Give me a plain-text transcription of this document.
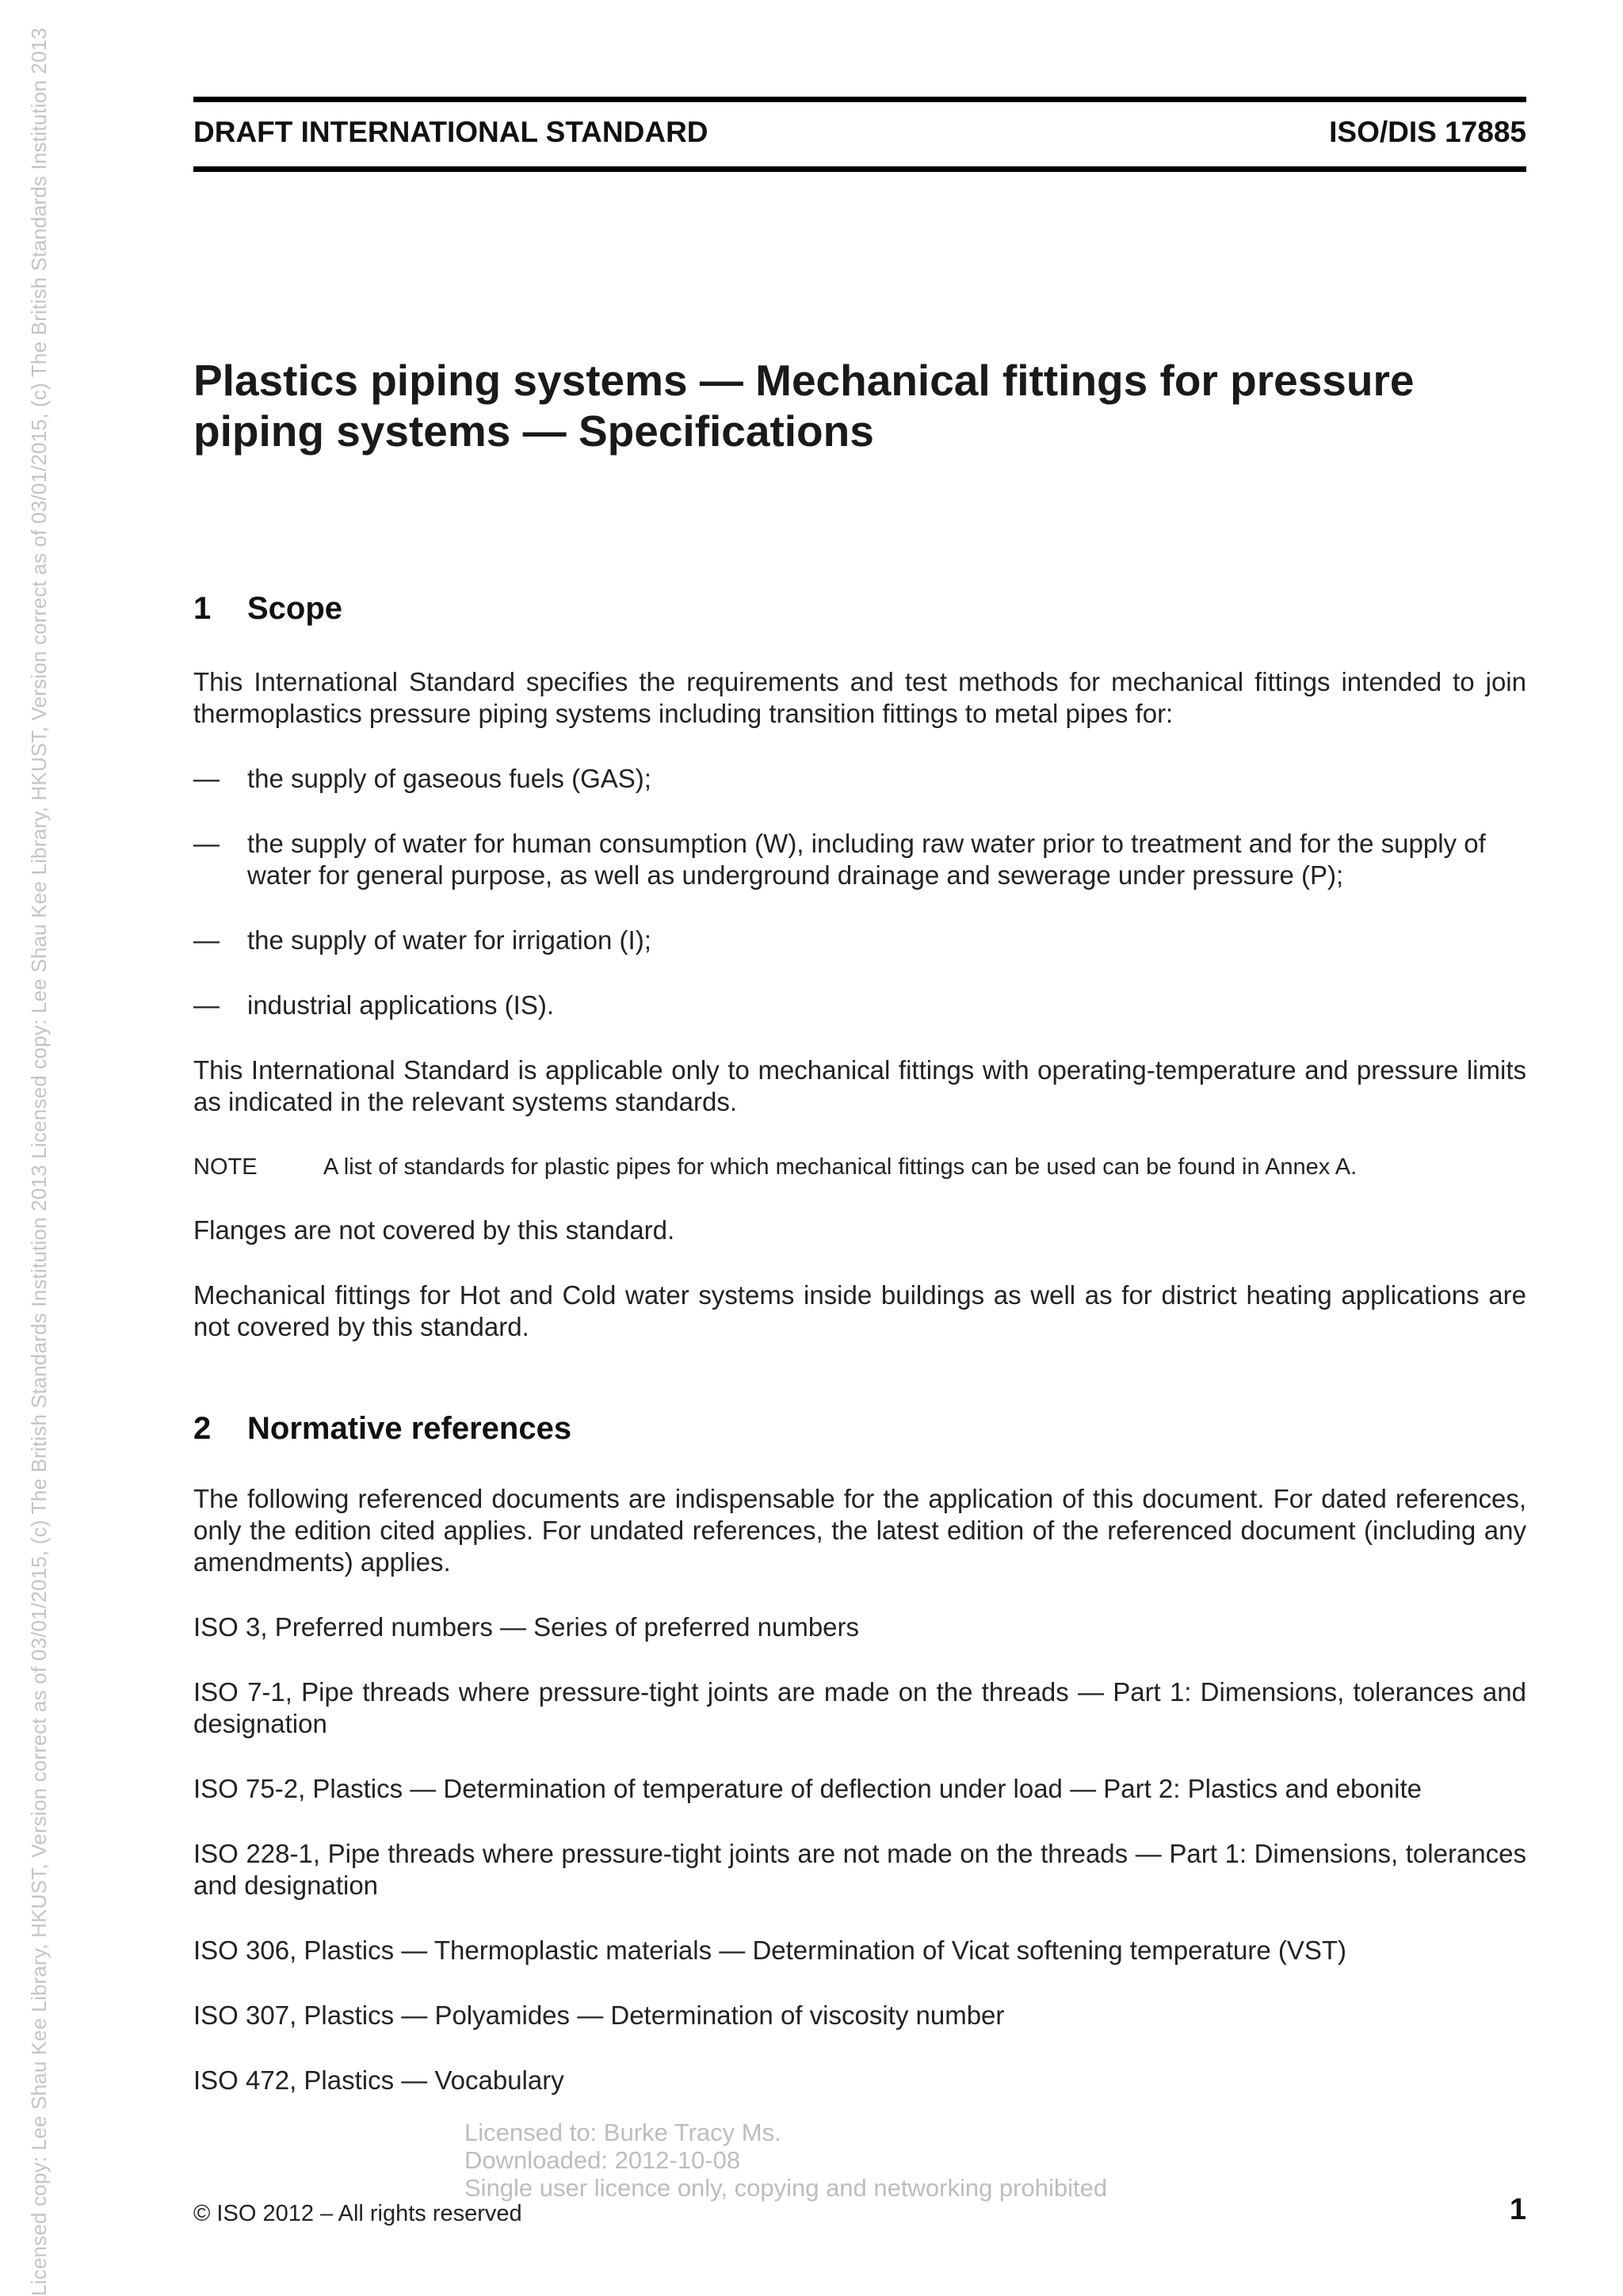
Licensed copy: Lee Shau Kee Library, HKUST, Version correct as of 03/01/2015, (c) The British Standards Institution 2013 Licensed copy: Lee Shau Kee Library, HKUST, Version correct as of 03/01/2015, (c) The British Standards Institution 2013	DRAFT INTERNATIONAL STANDARD	ISO/DIS 17885
Plastics piping systems — Mechanical fittings for pressure
piping systems — Specifications
1 Scope

This International Standard specifies the requirements and test methods for mechanical fittings intended to join thermoplastics pressure piping systems including transition fittings to metal pipes for:

— the supply of gaseous fuels (GAS);
— the supply of water for human consumption (W), including raw water prior to treatment and for the supply of water for general purpose, as well as underground drainage and sewerage under pressure (P);
— the supply of water for irrigation (I);
— industrial applications (IS).

This International Standard is applicable only to mechanical fittings with operating-temperature and pressure limits as indicated in the relevant systems standards.

NOTE	A list of standards for plastic pipes for which mechanical fittings can be used can be found in Annex A.

Flanges are not covered by this standard.

Mechanical fittings for Hot and Cold water systems inside buildings as well as for district heating applications are not covered by this standard.

2 Normative references

The following referenced documents are indispensable for the application of this document. For dated references, only the edition cited applies. For undated references, the latest edition of the referenced document (including any amendments) applies.

ISO 3, Preferred numbers — Series of preferred numbers

ISO 7-1, Pipe threads where pressure-tight joints are made on the threads — Part 1: Dimensions, tolerances and designation

ISO 75-2, Plastics — Determination of temperature of deflection under load — Part 2: Plastics and ebonite

ISO 228-1, Pipe threads where pressure-tight joints are not made on the threads — Part 1: Dimensions, tolerances and designation

ISO 306, Plastics — Thermoplastic materials — Determination of Vicat softening temperature (VST)

ISO 307, Plastics — Polyamides — Determination of viscosity number

ISO 472, Plastics — Vocabulary

Licensed to: Burke Tracy Ms.
Downloaded: 2012-10-08
Single user licence only, copying and networking prohibited
© ISO 2012 – All rights reserved	1
